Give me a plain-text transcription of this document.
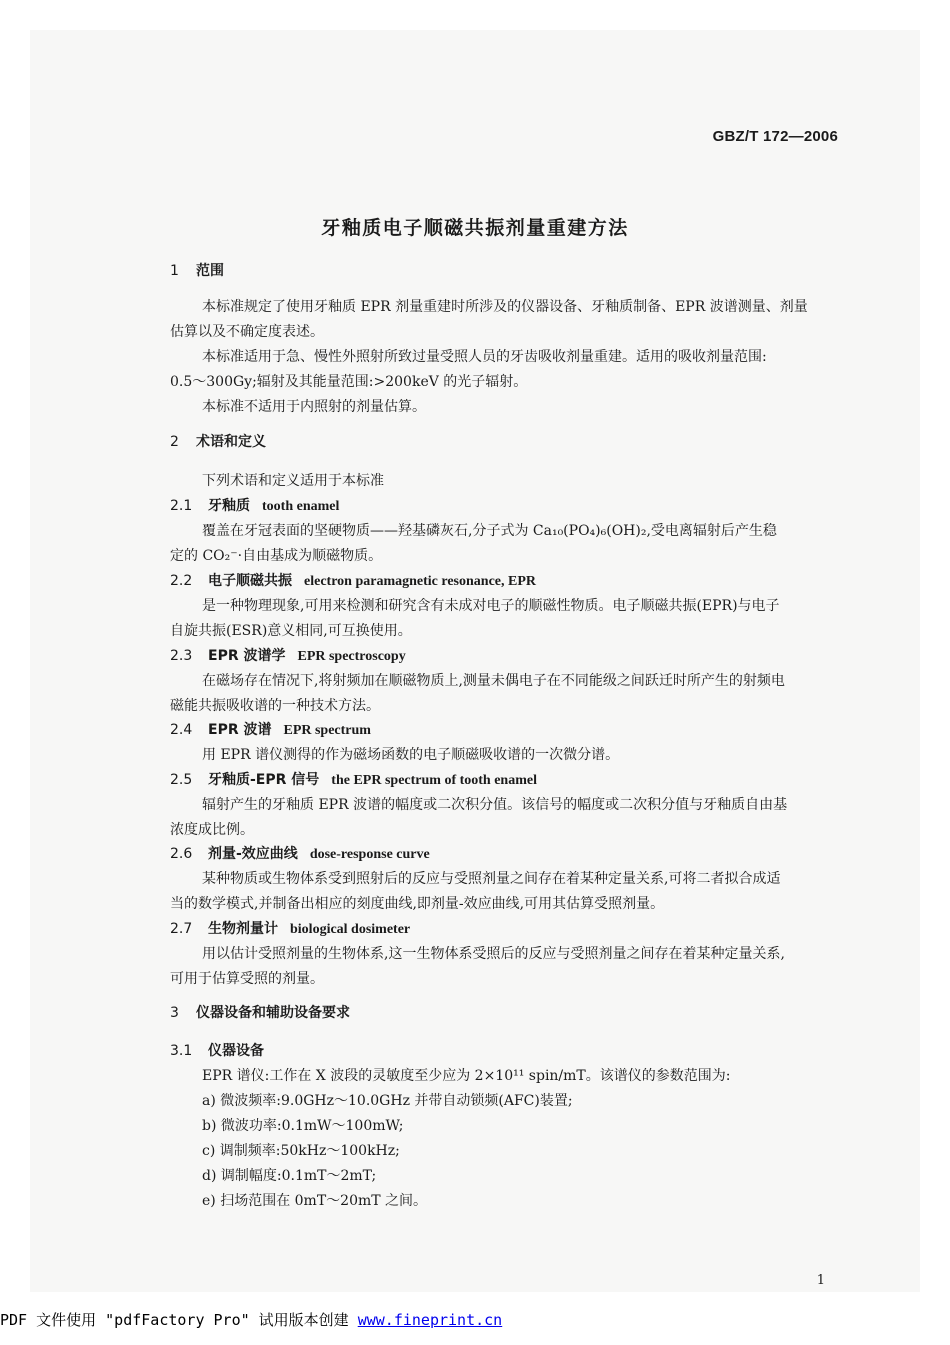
GBZ/T 172—2006
牙釉质电子顺磁共振剂量重建方法
1 范围
本标准规定了使用牙釉质 EPR 剂量重建时所涉及的仪器设备、牙釉质制备、EPR 波谱测量、剂量
估算以及不确定度表述。
本标准适用于急、慢性外照射所致过量受照人员的牙齿吸收剂量重建。适用的吸收剂量范围:
0.5～300Gy;辐射及其能量范围:>200keV 的光子辐射。
本标准不适用于内照射的剂量估算。
2 术语和定义
下列术语和定义适用于本标准
2.1 牙釉质 tooth enamel
覆盖在牙冠表面的坚硬物质——羟基磷灰石,分子式为 Ca₁₀(PO₄)₆(OH)₂,受电离辐射后产生稳
定的 CO₂⁻·自由基成为顺磁物质。
2.2 电子顺磁共振 electron paramagnetic resonance, EPR
是一种物理现象,可用来检测和研究含有未成对电子的顺磁性物质。电子顺磁共振(EPR)与电子
自旋共振(ESR)意义相同,可互换使用。
2.3 EPR 波谱学 EPR spectroscopy
在磁场存在情况下,将射频加在顺磁物质上,测量未偶电子在不同能级之间跃迁时所产生的射频电
磁能共振吸收谱的一种技术方法。
2.4 EPR 波谱 EPR spectrum
用 EPR 谱仪测得的作为磁场函数的电子顺磁吸收谱的一次微分谱。
2.5 牙釉质-EPR 信号 the EPR spectrum of tooth enamel
辐射产生的牙釉质 EPR 波谱的幅度或二次积分值。该信号的幅度或二次积分值与牙釉质自由基
浓度成比例。
2.6 剂量-效应曲线 dose-response curve
某种物质或生物体系受到照射后的反应与受照剂量之间存在着某种定量关系,可将二者拟合成适
当的数学模式,并制备出相应的刻度曲线,即剂量-效应曲线,可用其估算受照剂量。
2.7 生物剂量计 biological dosimeter
用以估计受照剂量的生物体系,这一生物体系受照后的反应与受照剂量之间存在着某种定量关系,
可用于估算受照的剂量。
3 仪器设备和辅助设备要求
3.1 仪器设备
EPR 谱仪:工作在 X 波段的灵敏度至少应为 2×10¹¹ spin/mT。该谱仪的参数范围为:
a) 微波频率:9.0GHz～10.0GHz 并带自动锁频(AFC)装置;
b) 微波功率:0.1mW～100mW;
c) 调制频率:50kHz～100kHz;
d) 调制幅度:0.1mT～2mT;
e) 扫场范围在 0mT～20mT 之间。
1
PDF 文件使用 "pdfFactory Pro" 试用版本创建 www.fineprint.cn
